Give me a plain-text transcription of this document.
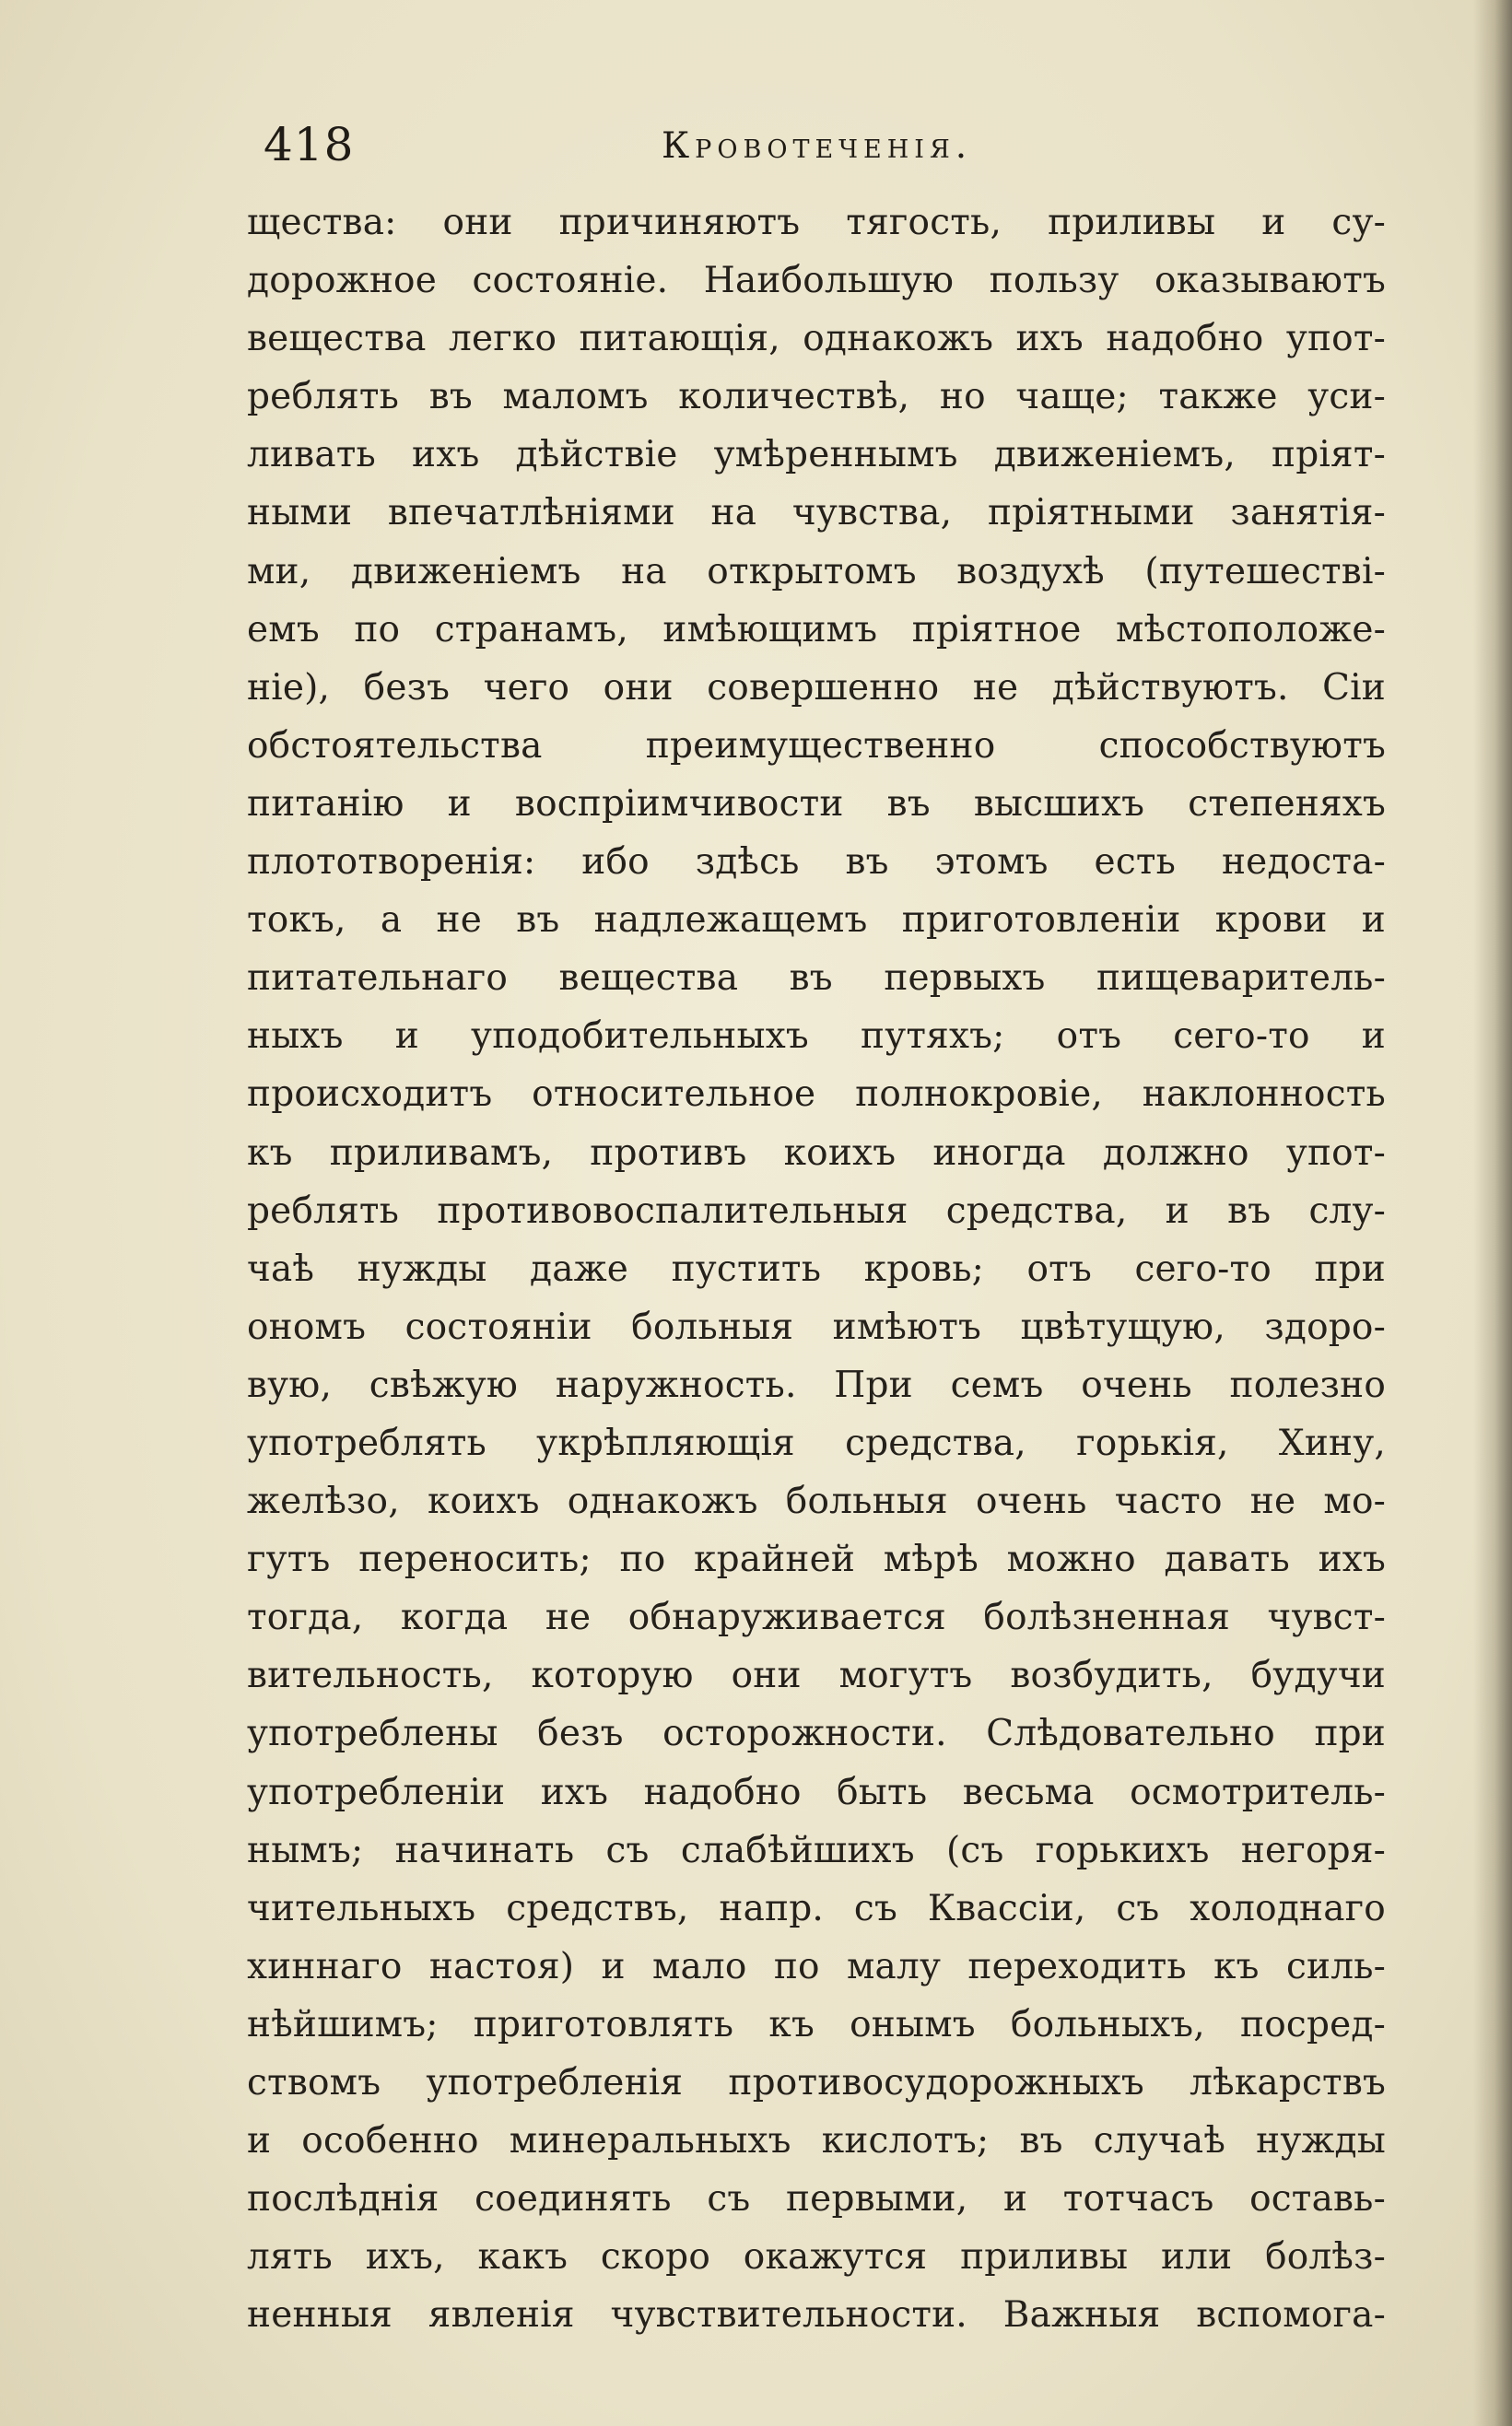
418	Кровотеченія.
щества: они причиняютъ тягость, приливы и су-
дорожное состояніе. Наибольшую пользу оказываютъ
вещества легко питающія, однакожъ ихъ надобно упот-
реблять въ маломъ количествѣ, но чаще; также уси-
ливать ихъ дѣйствіе умѣреннымъ движеніемъ, пріят-
ными впечатлѣніями на чувства, пріятными занятія-
ми, движеніемъ на открытомъ воздухѣ (путешестві-
емъ по странамъ, имѣющимъ пріятное мѣстоположе-
ніе), безъ чего они совершенно не дѣйствуютъ. Сіи
обстоятельства преимущественно способствуютъ
питанію и воспріимчивости въ высшихъ степеняхъ
плототворенія: ибо здѣсь въ этомъ есть недоста-
токъ, а не въ надлежащемъ приготовленіи крови и
питательнаго вещества въ первыхъ пищеваритель-
ныхъ и уподобительныхъ путяхъ; отъ сего-то и
происходитъ относительное полнокровіе, наклонность
къ приливамъ, противъ коихъ иногда должно упот-
реблять противовоспалительныя средства, и въ слу-
чаѣ нужды даже пустить кровь; отъ сего-то при
ономъ состояніи больныя имѣютъ цвѣтущую, здоро-
вую, свѣжую наружность. При семъ очень полезно
употреблять укрѣпляющія средства, горькія, Хину,
желѣзо, коихъ однакожъ больныя очень часто не мо-
гутъ переносить; по крайней мѣрѣ можно давать ихъ
тогда, когда не обнаруживается болѣзненная чувст-
вительность, которую они могутъ возбудить, будучи
употреблены безъ осторожности. Слѣдовательно при
употребленіи ихъ надобно быть весьма осмотритель-
нымъ; начинать съ слабѣйшихъ (съ горькихъ негоря-
чительныхъ средствъ, напр. съ Квассіи, съ холоднаго
хиннаго настоя) и мало по малу переходить къ силь-
нѣйшимъ; приготовлять къ онымъ больныхъ, посред-
ствомъ употребленія противосудорожныхъ лѣкарствъ
и особенно минеральныхъ кислотъ; въ случаѣ нужды
послѣднія соединять съ первыми, и тотчасъ оставь-
лять ихъ, какъ скоро окажутся приливы или болѣз-
ненныя явленія чувствительности. Важныя вспомога-
